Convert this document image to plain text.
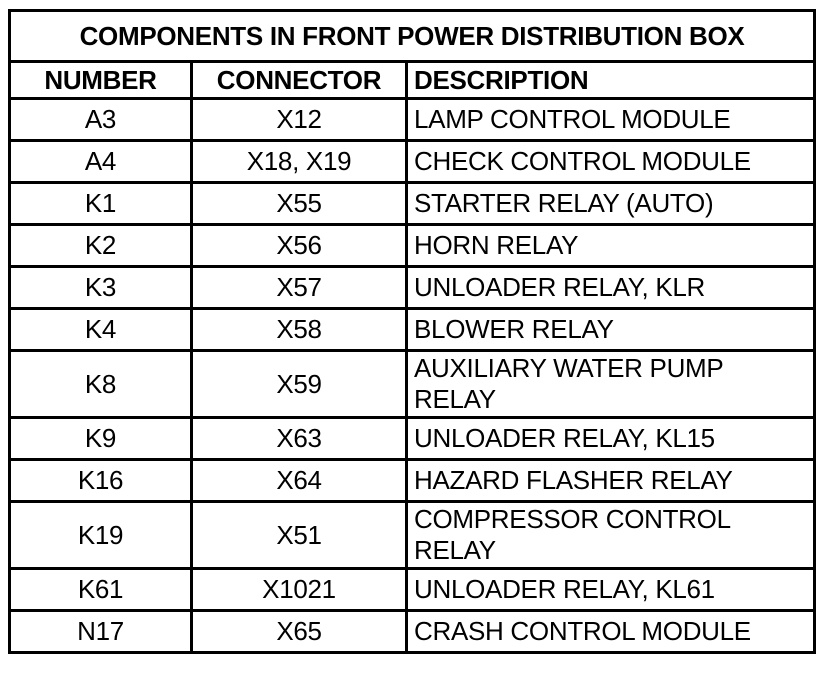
COMPONENTS IN FRONT POWER DISTRIBUTION BOX		
NUMBER	CONNECTOR	DESCRIPTION
A3	X12	LAMP CONTROL MODULE
A4	X18, X19	CHECK CONTROL MODULE
K1	X55	STARTER RELAY (AUTO)
K2	X56	HORN RELAY
K3	X57	UNLOADER RELAY, KLR
K4	X58	BLOWER RELAY
K8	X59	AUXILIARY WATER PUMP RELAY
K9	X63	UNLOADER RELAY, KL15
K16	X64	HAZARD FLASHER RELAY
K19	X51	COMPRESSOR CONTROL RELAY
K61	X1021	UNLOADER RELAY, KL61
N17	X65	CRASH CONTROL MODULE
